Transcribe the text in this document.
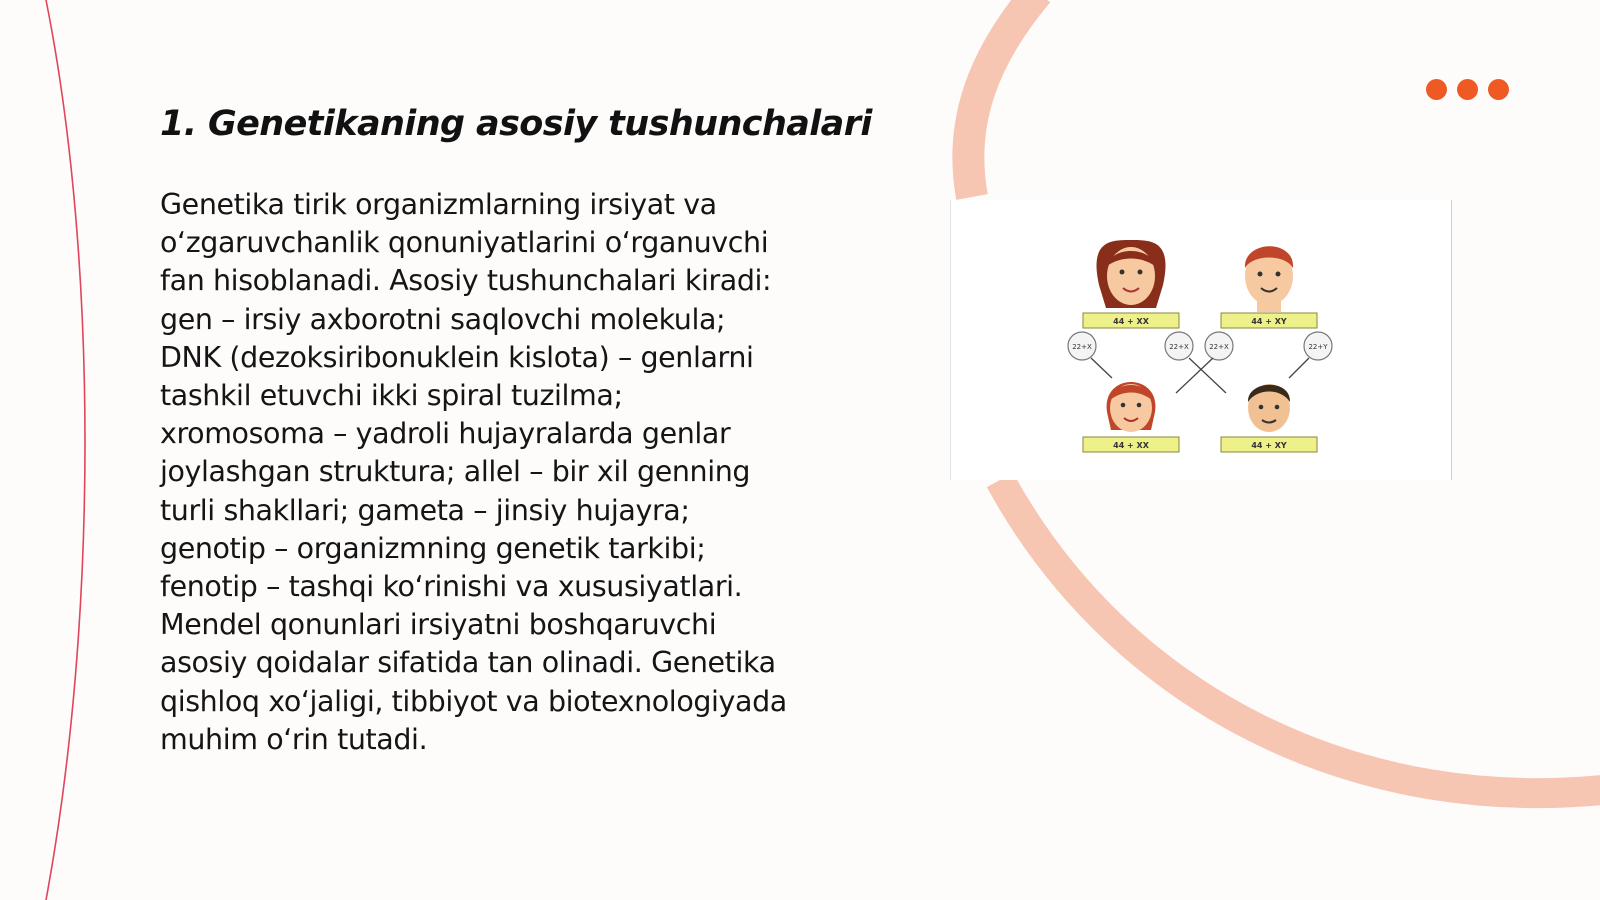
1. Genetikaning asosiy tushunchalari

Genetika tirik organizmlarning irsiyat va
oʻzgaruvchanlik qonuniyatlarini oʻrganuvchi
fan hisoblanadi. Asosiy tushunchalari kiradi:
gen – irsiy axborotni saqlovchi molekula;
DNK (dezoksiribonuklein kislota) – genlarni
tashkil etuvchi ikki spiral tuzilma;
xromosoma – yadroli hujayralarda genlar
joylashgan struktura; allel – bir xil genning
turli shakllari; gameta – jinsiy hujayra;
genotip – organizmning genetik tarkibi;
fenotip – tashqi koʻrinishi va xususiyatlari.
Mendel qonunlari irsiyatni boshqaruvchi
asosiy qoidalar sifatida tan olinadi. Genetika
qishloq xoʻjaligi, tibbiyot va biotexnologiyada
muhim oʻrin tutadi.

44 + XX	44 + XY
22+X	22+X	22+X	22+Y
44 + XX	44 + XY
